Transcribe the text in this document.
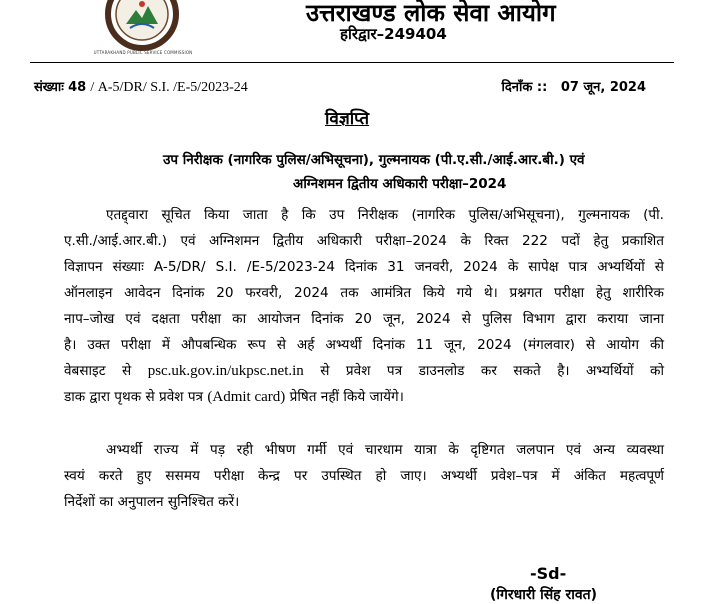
UTTARAKHAND PUBLIC SERVICE COMMISSION
उत्तराखण्ड लोक सेवा आयोग
हरिद्वार–249404
संख्याः 48 / A-5/DR/ S.I. /E-5/2023-24	दिनाँक :: 07 जून, 2024
विज्ञप्ति
उप निरीक्षक (नागरिक पुलिस/अभिसूचना), गुल्मनायक (पी.ए.सी./आई.आर.बी.) एवं
अग्निशमन द्वितीय अधिकारी परीक्षा–2024
एतद्द्वारा सूचित किया जाता है कि उप निरीक्षक (नागरिक पुलिस/अभिसूचना), गुल्मनायक (पी.
ए.सी./आई.आर.बी.) एवं अग्निशमन द्वितीय अधिकारी परीक्षा–2024 के रिक्त 222 पदों हेतु प्रकाशित
विज्ञापन संख्याः A-5/DR/ S.I. /E-5/2023-24 दिनांक 31 जनवरी, 2024 के सापेक्ष पात्र अभ्यर्थियों से
ऑनलाइन आवेदन दिनांक 20 फरवरी, 2024 तक आमंत्रित किये गये थे। प्रश्नगत परीक्षा हेतु शारीरिक
नाप–जोख एवं दक्षता परीक्षा का आयोजन दिनांक 20 जून, 2024 से पुलिस विभाग द्वारा कराया जाना
है। उक्त परीक्षा में औपबन्धिक रूप से अर्ह अभ्यर्थी दिनांक 11 जून, 2024 (मंगलवार) से आयोग की
वेबसाइट से psc.uk.gov.in/ukpsc.net.in से प्रवेश पत्र डाउनलोड कर सकते है। अभ्यर्थियों को
डाक द्वारा पृथक से प्रवेश पत्र (Admit card) प्रेषित नहीं किये जायेंगे।
अभ्यर्थी राज्य में पड़ रही भीषण गर्मी एवं चारधाम यात्रा के दृष्टिगत जलपान एवं अन्य व्यवस्था
स्वयं करते हुए ससमय परीक्षा केन्द्र पर उपस्थित हो जाए। अभ्यर्थी प्रवेश–पत्र में अंकित महत्वपूर्ण
निर्देशों का अनुपालन सुनिश्चित करें।
-Sd-
(गिरधारी सिंह रावत)
